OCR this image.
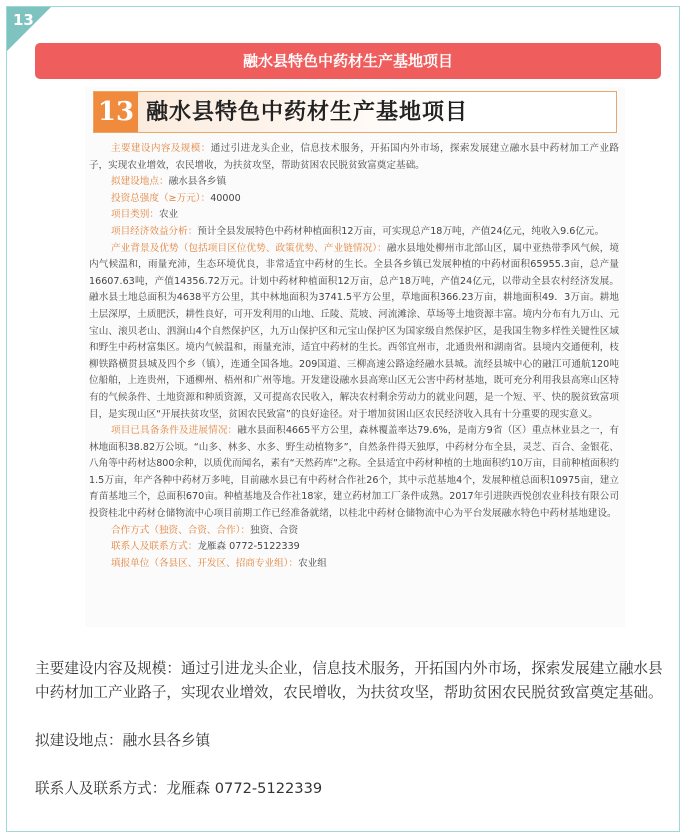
13
融水县特色中药材生产基地项目
13 融水县特色中药材生产基地项目

主要建设内容及规模：通过引进龙头企业，信息技术服务，开拓国内外市场，探索发展建立融水县中药材加工产业路子，实现农业增效，农民增收，为扶贫攻坚，帮助贫困农民脱贫致富奠定基础。

拟建设地点：融水县各乡镇

投资总强度（≥万元）：40000

项目类别：农业

项目经济效益分析：预计全县发展特色中药材种植面积12万亩，可实现总产18万吨，产值24亿元，纯收入9.6亿元。

产业背景及优势（包括项目区位优势、政策优势、产业链情况）：融水县地处柳州市北部山区，属中亚热带季风气候，境内气候温和，雨量充沛，生态环境优良，非常适宜中药材的生长。全县各乡镇已发展种植的中药材面积65955.3亩，总产量16607.63吨，产值14356.72万元。计划中药材种植面积12万亩，总产18万吨，产值24亿元，以带动全县农村经济发展。融水县土地总面积为4638平方公里，其中林地面积为3741.5平方公里，草地面积366.23万亩，耕地面积49．3万亩。耕地土层深厚，土质肥沃，耕性良好，可开发利用的山地、丘陵、荒坡、河流滩涂、草场等土地资源丰富。境内分布有九万山、元宝山、滚贝老山、泗涧山4个自然保护区，九万山保护区和元宝山保护区为国家级自然保护区，是我国生物多样性关键性区域和野生中药材富集区。境内气候温和，雨量充沛，适宜中药材的生长。西邻宜州市，北通贵州和湖南省。县境内交通便利，枝柳铁路横贯县城及四个乡（镇），连通全国各地。209国道、三柳高速公路途经融水县城。流经县城中心的融江可通航120吨位船舶，上连贵州，下通柳州、梧州和广州等地。开发建设融水县高寒山区无公害中药材基地，既可充分利用我县高寒山区特有的气候条件、土地资源和种质资源，又可提高农民收入，解决农村剩余劳动力的就业问题，是一个短、平、快的脱贫致富项目，是实现山区“开展扶贫攻坚，贫困农民致富”的良好途径。对于增加贫困山区农民经济收入具有十分重要的现实意义。

项目已具备条件及进展情况：融水县面积4665平方公里，森林覆盖率达79.6%，是南方9省（区）重点林业县之一，有林地面积38.82万公顷。“山多、林多、水多、野生动植物多”，自然条件得天独厚，中药材分布全县，灵芝、百合、金银花、八角等中药材达800余种，以质优而闻名，素有“天然药库”之称。全县适宜中药材种植的土地面积约10万亩，目前种植面积约1.5万亩，年产各种中药材万多吨，目前融水县已有中药材合作社26个，其中示范基地4个，发展种植总面积10975亩，建立育苗基地三个，总面积670亩。种植基地及合作社18家，建立药材加工厂条件成熟。2017年引进陕西悦创农业科技有限公司投资桂北中药材仓储物流中心项目前期工作已经准备就绪，以桂北中药材仓储物流中心为平台发展融水特色中药材基地建设。

合作方式（独资、合资、合作）：独资、合资

联系人及联系方式：龙雁森 0772-5122339

填报单位（各县区、开发区、招商专业组）：农业组

主要建设内容及规模：通过引进龙头企业，信息技术服务，开拓国内外市场，探索发展建立融水县中药材加工产业路子，实现农业增效，农民增收，为扶贫攻坚，帮助贫困农民脱贫致富奠定基础。

拟建设地点：融水县各乡镇

联系人及联系方式：龙雁森 0772-5122339
